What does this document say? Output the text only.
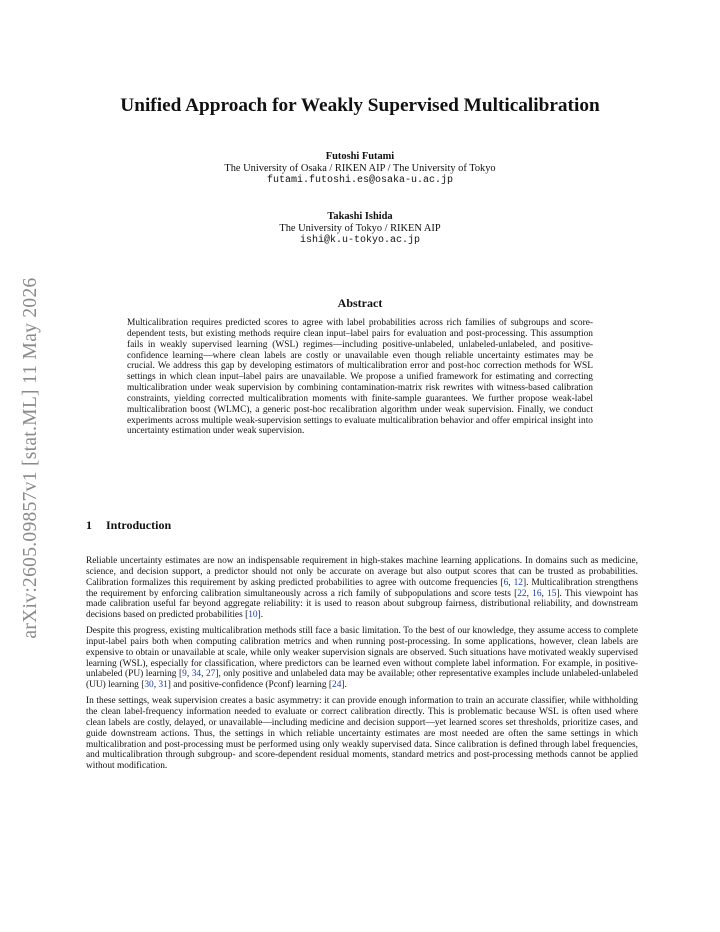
arXiv:2605.09857v1 [stat.ML] 11 May 2026
Unified Approach for Weakly Supervised Multicalibration
Futoshi Futami
The University of Osaka / RIKEN AIP / The University of Tokyo
futami.futoshi.es@osaka-u.ac.jp
Takashi Ishida
The University of Tokyo / RIKEN AIP
ishi@k.u-tokyo.ac.jp
Abstract
Multicalibration requires predicted scores to agree with label probabilities across rich families of subgroups and score-dependent tests, but existing methods require clean input–label pairs for evaluation and post-processing. This assumption fails in weakly supervised learning (WSL) regimes—including positive-unlabeled, unlabeled-unlabeled, and positive-confidence learning—where clean labels are costly or unavailable even though reliable uncertainty estimates may be crucial. We address this gap by developing estimators of multicalibration error and post-hoc correction methods for WSL settings in which clean input–label pairs are unavailable. We propose a unified framework for estimating and correcting multicalibration under weak supervision by combining contamination-matrix risk rewrites with witness-based calibration constraints, yielding corrected multicalibration moments with finite-sample guarantees. We further propose weak-label multicalibration boost (WLMC), a generic post-hoc recalibration algorithm under weak supervision. Finally, we conduct experiments across multiple weak-supervision settings to evaluate multicalibration behavior and offer empirical insight into uncertainty estimation under weak supervision.
1 Introduction

Reliable uncertainty estimates are now an indispensable requirement in high-stakes machine learning applications. In domains such as medicine, science, and decision support, a predictor should not only be accurate on average but also output scores that can be trusted as probabilities. Calibration formalizes this requirement by asking predicted probabilities to agree with outcome frequencies [6, 12]. Multicalibration strengthens the requirement by enforcing calibration simultaneously across a rich family of subpopulations and score tests [22, 16, 15]. This viewpoint has made calibration useful far beyond aggregate reliability: it is used to reason about subgroup fairness, distributional reliability, and downstream decisions based on predicted probabilities [10].

Despite this progress, existing multicalibration methods still face a basic limitation. To the best of our knowledge, they assume access to complete input-label pairs both when computing calibration metrics and when running post-processing. In some applications, however, clean labels are expensive to obtain or unavailable at scale, while only weaker supervision signals are observed. Such situations have motivated weakly supervised learning (WSL), especially for classification, where predictors can be learned even without complete label information. For example, in positive-unlabeled (PU) learning [9, 34, 27], only positive and unlabeled data may be available; other representative examples include unlabeled-unlabeled (UU) learning [30, 31] and positive-confidence (Pconf) learning [24].

In these settings, weak supervision creates a basic asymmetry: it can provide enough information to train an accurate classifier, while withholding the clean label-frequency information needed to evaluate or correct calibration directly. This is problematic because WSL is often used where clean labels are costly, delayed, or unavailable—including medicine and decision support—yet learned scores set thresholds, prioritize cases, and guide downstream actions. Thus, the settings in which reliable uncertainty estimates are most needed are often the same settings in which multicalibration and post-processing must be performed using only weakly supervised data. Since calibration is defined through label frequencies, and multicalibration through subgroup- and score-dependent residual moments, standard metrics and post-processing methods cannot be applied without modification.
